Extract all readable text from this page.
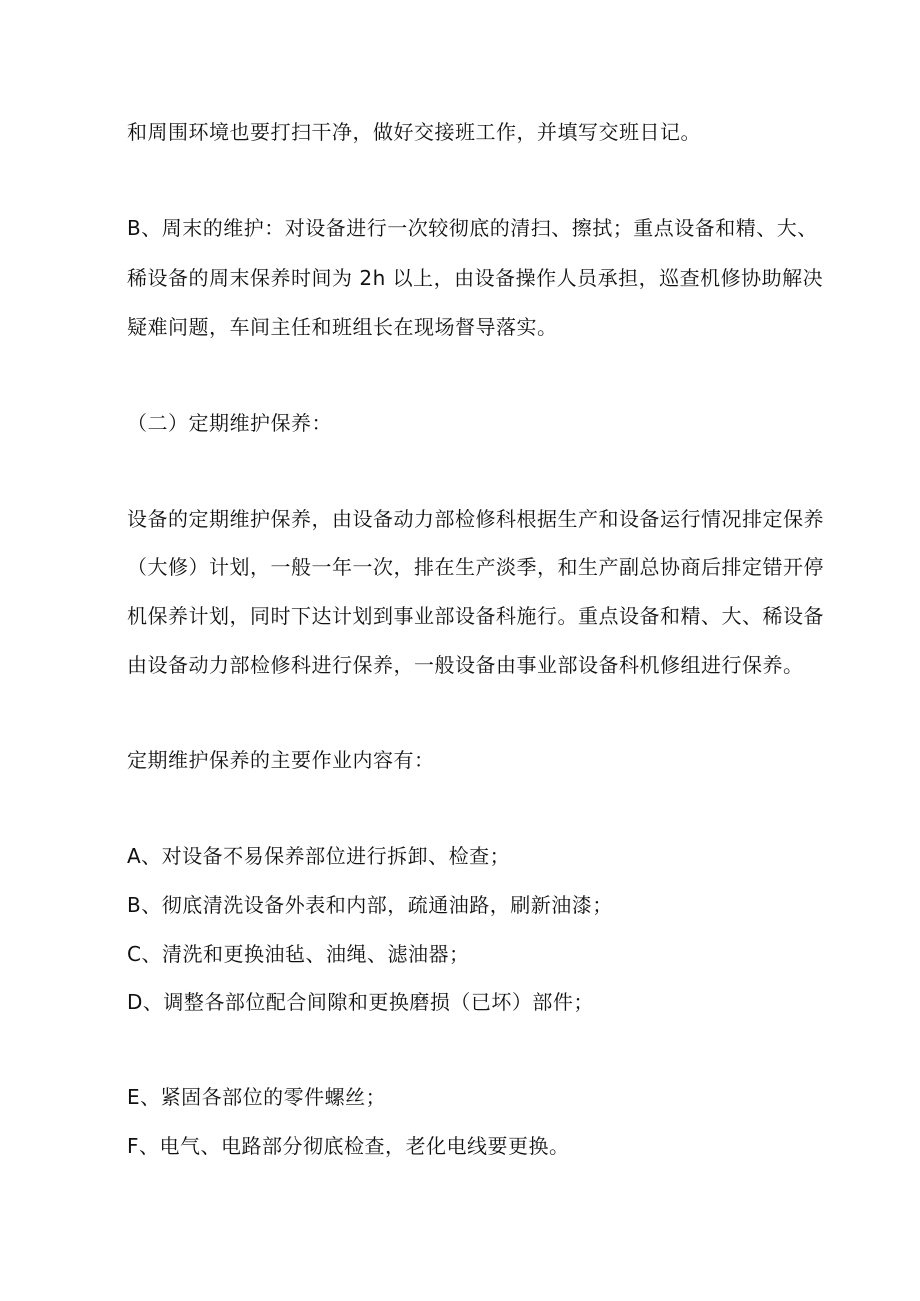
和周围环境也要打扫干净，做好交接班工作，并填写交班日记。
B、周末的维护：对设备进行一次较彻底的清扫、擦拭；重点设备和精、大、
稀设备的周末保养时间为 2h 以上，由设备操作人员承担，巡查机修协助解决
疑难问题，车间主任和班组长在现场督导落实。
（二）定期维护保养：
设备的定期维护保养，由设备动力部检修科根据生产和设备运行情况排定保养
（大修）计划，一般一年一次，排在生产淡季，和生产副总协商后排定错开停
机保养计划，同时下达计划到事业部设备科施行。重点设备和精、大、稀设备
由设备动力部检修科进行保养，一般设备由事业部设备科机修组进行保养。
定期维护保养的主要作业内容有：
A、对设备不易保养部位进行拆卸、检查；
B、彻底清洗设备外表和内部，疏通油路，刷新油漆；
C、清洗和更换油毡、油绳、滤油器；
D、调整各部位配合间隙和更换磨损（已坏）部件；
E、紧固各部位的零件螺丝；
F、电气、电路部分彻底检查，老化电线要更换。
